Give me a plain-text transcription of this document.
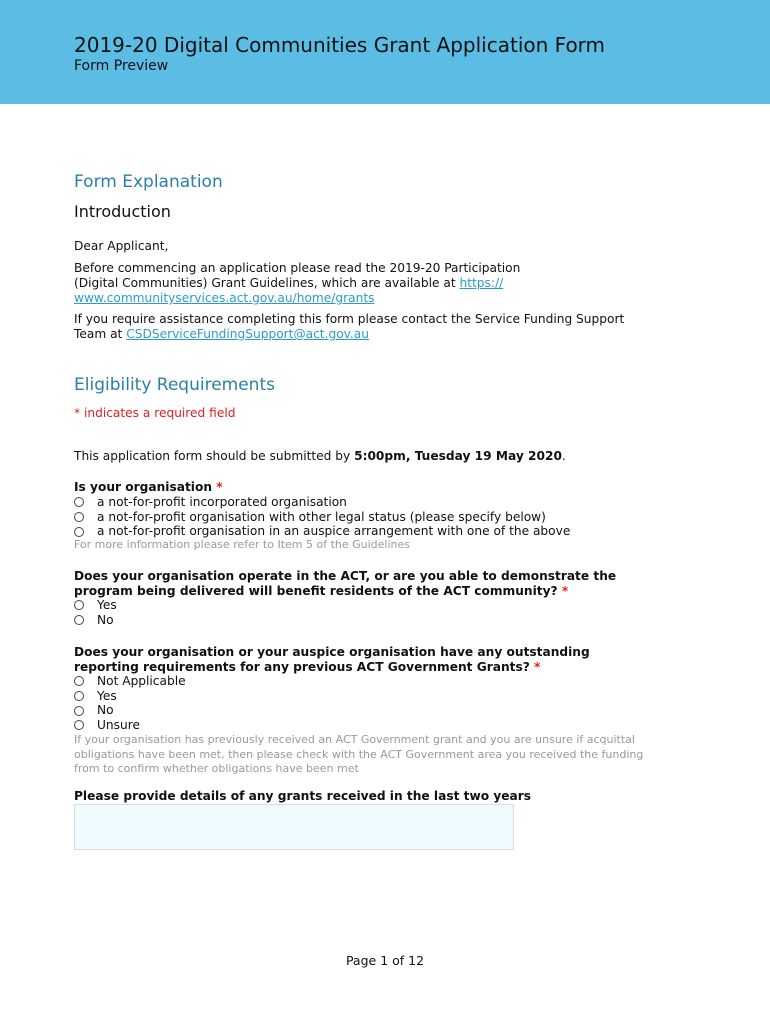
2019-20 Digital Communities Grant Application Form
Form Preview
Form Explanation
Introduction
Dear Applicant,
Before commencing an application please read the 2019-20 Participation
(Digital Communities) Grant Guidelines, which are available at https://
www.communityservices.act.gov.au/home/grants
If you require assistance completing this form please contact the Service Funding Support
Team at CSDServiceFundingSupport@act.gov.au
Eligibility Requirements
* indicates a required field
This application form should be submitted by 5:00pm, Tuesday 19 May 2020.
Is your organisation *
a not-for-profit incorporated organisation
a not-for-profit organisation with other legal status (please specify below)
a not-for-profit organisation in an auspice arrangement with one of the above
For more information please refer to Item 5 of the Guidelines
Does your organisation operate in the ACT, or are you able to demonstrate the
program being delivered will benefit residents of the ACT community? *
Yes
No
Does your organisation or your auspice organisation have any outstanding
reporting requirements for any previous ACT Government Grants? *
Not Applicable
Yes
No
Unsure
If your organisation has previously received an ACT Government grant and you are unsure if acquittal
obligations have been met, then please check with the ACT Government area you received the funding
from to confirm whether obligations have been met
Please provide details of any grants received in the last two years
Page 1 of 12
